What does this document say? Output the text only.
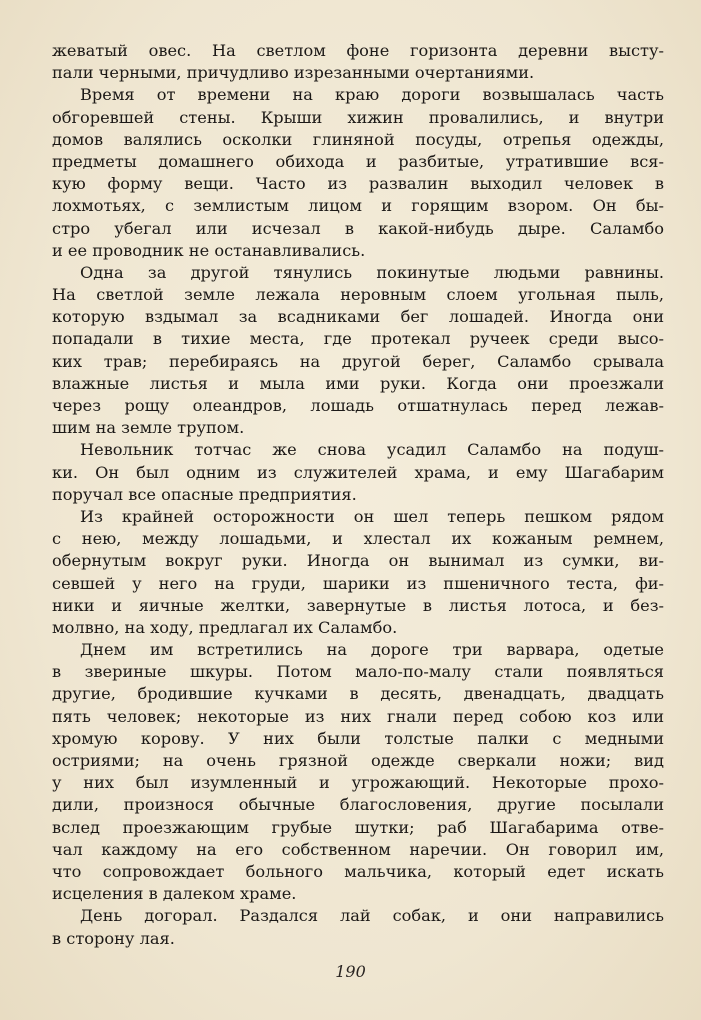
жеватый овес. На светлом фоне горизонта деревни высту-
пали черными, причудливо изрезанными очертаниями.
Время от времени на краю дороги возвышалась часть
обгоревшей стены. Крыши хижин провалились, и внутри
домов валялись осколки глиняной посуды, отрепья одежды,
предметы домашнего обихода и разбитые, утратившие вся-
кую форму вещи. Часто из развалин выходил человек в
лохмотьях, с землистым лицом и горящим взором. Он бы-
стро убегал или исчезал в какой-нибудь дыре. Саламбо
и ее проводник не останавливались.
Одна за другой тянулись покинутые людьми равнины.
На светлой земле лежала неровным слоем угольная пыль,
которую вздымал за всадниками бег лошадей. Иногда они
попадали в тихие места, где протекал ручеек среди высо-
ких трав; перебираясь на другой берег, Саламбо срывала
влажные листья и мыла ими руки. Когда они проезжали
через рощу олеандров, лошадь отшатнулась перед лежав-
шим на земле трупом.
Невольник тотчас же снова усадил Саламбо на подуш-
ки. Он был одним из служителей храма, и ему Шагабарим
поручал все опасные предприятия.
Из крайней осторожности он шел теперь пешком рядом
с нею, между лошадьми, и хлестал их кожаным ремнем,
обернутым вокруг руки. Иногда он вынимал из сумки, ви-
севшей у него на груди, шарики из пшеничного теста, фи-
ники и яичные желтки, завернутые в листья лотоса, и без-
молвно, на ходу, предлагал их Саламбо.
Днем им встретились на дороге три варвара, одетые
в звериные шкуры. Потом мало-по-малу стали появляться
другие, бродившие кучками в десять, двенадцать, двадцать
пять человек; некоторые из них гнали перед собою коз или
хромую корову. У них были толстые палки с медными
остриями; на очень грязной одежде сверкали ножи; вид
у них был изумленный и угрожающий. Некоторые прохо-
дили, произнося обычные благословения, другие посылали
вслед проезжающим грубые шутки; раб Шагабарима отве-
чал каждому на его собственном наречии. Он говорил им,
что сопровождает больного мальчика, который едет искать
исцеления в далеком храме.
День догорал. Раздался лай собак, и они направились
в сторону лая.
190
